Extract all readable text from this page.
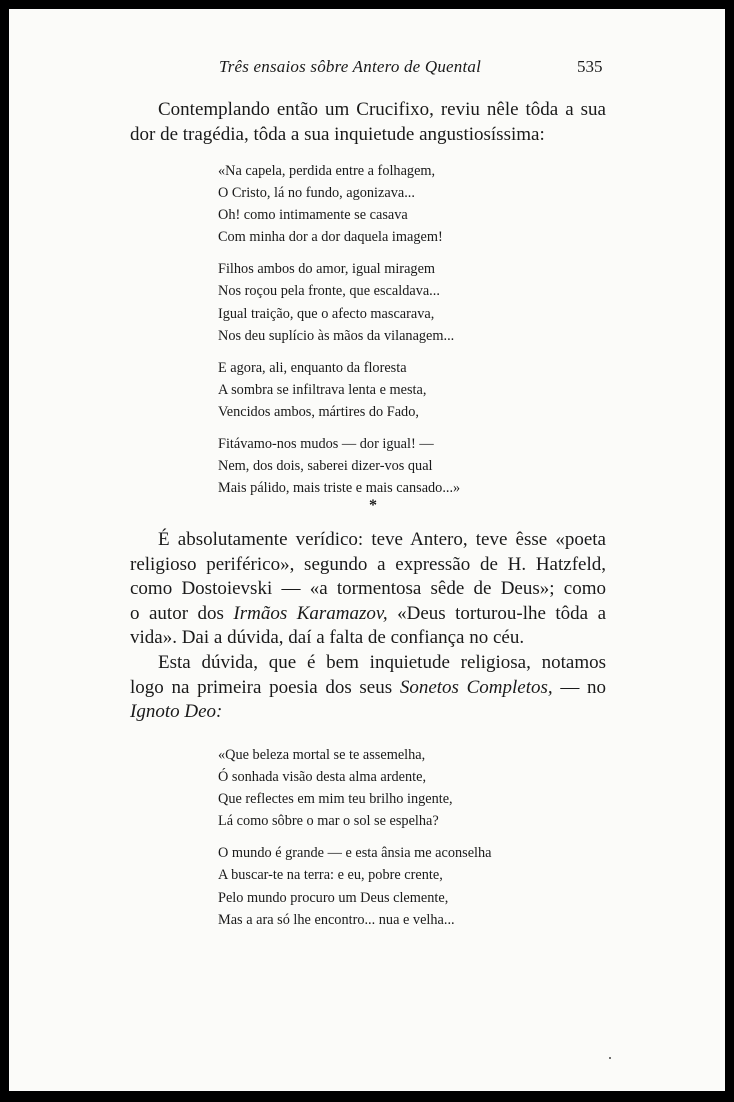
Três ensaios sôbre Antero de Quental	535
Contemplando então um Crucifixo, reviu nêle tôda a sua
dor de tragédia, tôda a sua inquietude angustiosíssima:
«Na capela, perdida entre a folhagem,
O Cristo, lá no fundo, agonizava...
Oh! como intimamente se casava
Com minha dor a dor daquela imagem!
Filhos ambos do amor, igual miragem
Nos roçou pela fronte, que escaldava...
Igual traição, que o afecto mascarava,
Nos deu suplício às mãos da vilanagem...
E agora, ali, enquanto da floresta
A sombra se infiltrava lenta e mesta,
Vencidos ambos, mártires do Fado,
Fitávamo-nos mudos — dor igual! —
Nem, dos dois, saberei dizer-vos qual
Mais pálido, mais triste e mais cansado...»
*
É absolutamente verídico: teve Antero, teve êsse «poeta
religioso periférico», segundo a expressão de H. Hatzfeld,
como Dostoievski — «a tormentosa sêde de Deus»; como
o autor dos Irmãos Karamazov, «Deus torturou-lhe tôda a
vida». Dai a dúvida, daí a falta de confiança no céu.
Esta dúvida, que é bem inquietude religiosa, notamos
logo na primeira poesia dos seus Sonetos Completos, — no
Ignoto Deo:
«Que beleza mortal se te assemelha,
Ó sonhada visão desta alma ardente,
Que reflectes em mim teu brilho ingente,
Lá como sôbre o mar o sol se espelha?
O mundo é grande — e esta ânsia me aconselha
A buscar-te na terra: e eu, pobre crente,
Pelo mundo procuro um Deus clemente,
Mas a ara só lhe encontro... nua e velha...
